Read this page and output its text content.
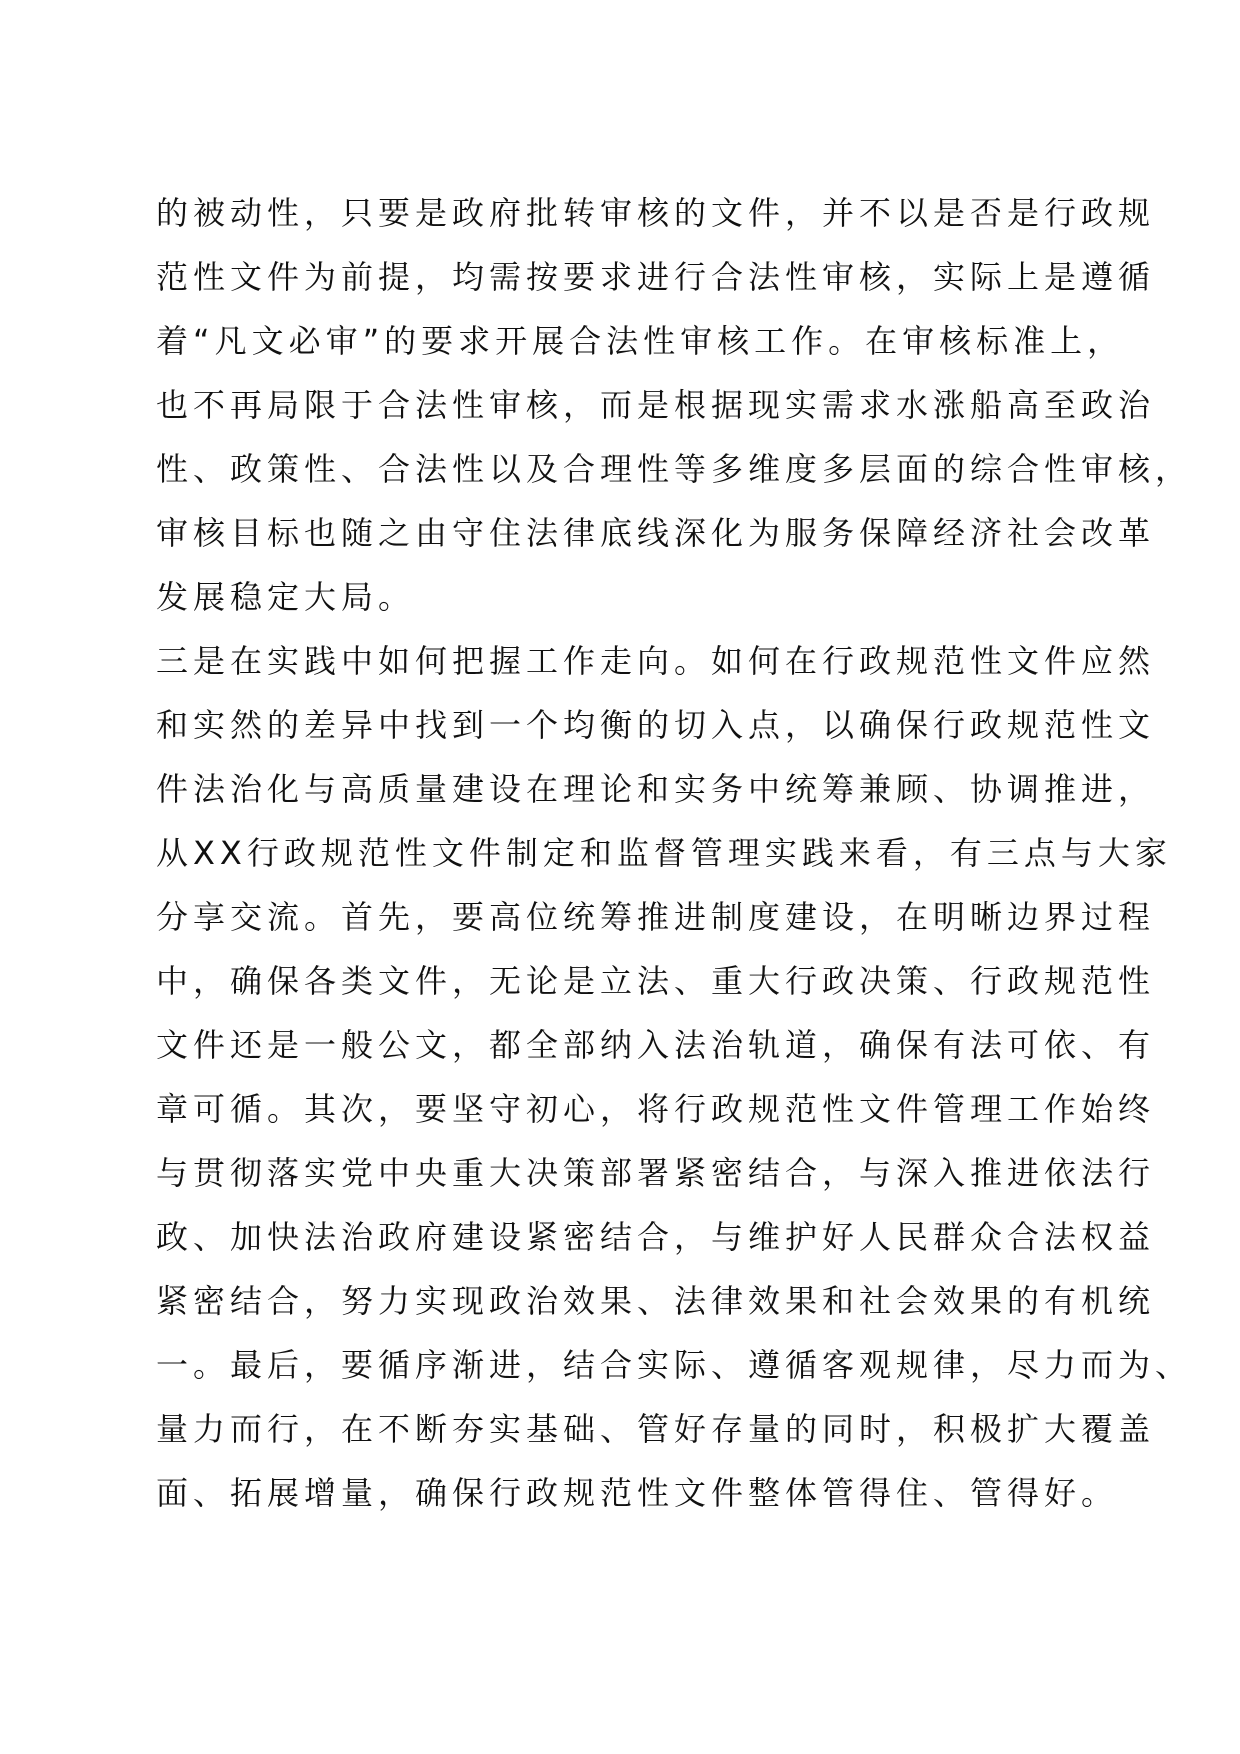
的被动性，只要是政府批转审核的文件，并不以是否是行政规
范性文件为前提，均需按要求进行合法性审核，实际上是遵循
着“凡文必审”的要求开展合法性审核工作。在审核标准上，
也不再局限于合法性审核，而是根据现实需求水涨船高至政治
性、政策性、合法性以及合理性等多维度多层面的综合性审核，
审核目标也随之由守住法律底线深化为服务保障经济社会改革
发展稳定大局。
三是在实践中如何把握工作走向。如何在行政规范性文件应然
和实然的差异中找到一个均衡的切入点，以确保行政规范性文
件法治化与高质量建设在理论和实务中统筹兼顾、协调推进，
从XX行政规范性文件制定和监督管理实践来看，有三点与大家
分享交流。首先，要高位统筹推进制度建设，在明晰边界过程
中，确保各类文件，无论是立法、重大行政决策、行政规范性
文件还是一般公文，都全部纳入法治轨道，确保有法可依、有
章可循。其次，要坚守初心，将行政规范性文件管理工作始终
与贯彻落实党中央重大决策部署紧密结合，与深入推进依法行
政、加快法治政府建设紧密结合，与维护好人民群众合法权益
紧密结合，努力实现政治效果、法律效果和社会效果的有机统
一。最后，要循序渐进，结合实际、遵循客观规律，尽力而为、
量力而行，在不断夯实基础、管好存量的同时，积极扩大覆盖
面、拓展增量，确保行政规范性文件整体管得住、管得好。
